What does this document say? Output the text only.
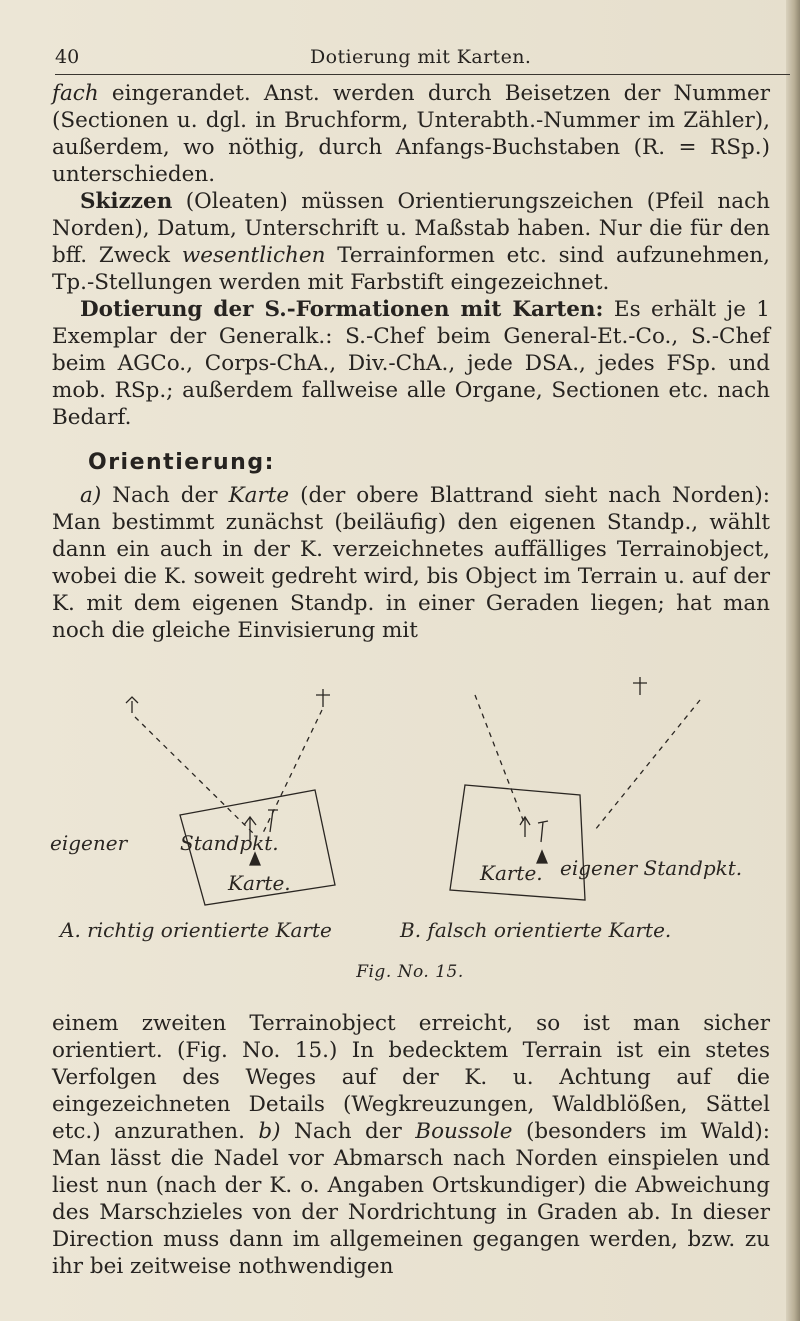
40	Dotierung mit Karten.

fach eingerandet. Anst. werden durch Beisetzen der Nummer (Sectionen u. dgl. in Bruchform, Unterabth.-Nummer im Zähler), außerdem, wo nöthig, durch Anfangs-Buchstaben (R. = RSp.) unterschieden.

Skizzen (Oleaten) müssen Orientierungszeichen (Pfeil nach Norden), Datum, Unterschrift u. Maßstab haben. Nur die für den bff. Zweck wesentlichen Terrainformen etc. sind aufzunehmen, Tp.-Stellungen werden mit Farbstift eingezeichnet.

Dotierung der S.-Formationen mit Karten: Es erhält je 1 Exemplar der Generalk.: S.-Chef beim General-Et.-Co., S.-Chef beim AGCo., Corps-ChA., Div.-ChA., jede DSA., jedes FSp. und mob. RSp.; außerdem fallweise alle Organe, Sectionen etc. nach Bedarf.

Orientierung:

a) Nach der Karte (der obere Blattrand sieht nach Norden): Man bestimmt zunächst (beiläufig) den eigenen Standp., wählt dann ein auch in der K. verzeichnetes auffälliges Terrainobject, wobei die K. soweit gedreht wird, bis Object im Terrain u. auf der K. mit dem eigenen Standp. in einer Geraden liegen; hat man noch die gleiche Einvisierung mit

eigener	Standpkt.
Karte.
A. richtig orientierte Karte
eigener Standpkt.
Karte.
B. falsch orientierte Karte.
Fig. No. 15.

einem zweiten Terrainobject erreicht, so ist man sicher orientiert. (Fig. No. 15.) In bedecktem Terrain ist ein stetes Verfolgen des Weges auf der K. u. Achtung auf die eingezeichneten Details (Wegkreuzungen, Waldblößen, Sättel etc.) anzurathen. b) Nach der Boussole (besonders im Wald): Man lässt die Nadel vor Abmarsch nach Norden einspielen und liest nun (nach der K. o. Angaben Ortskundiger) die Abweichung des Marschzieles von der Nordrichtung in Graden ab. In dieser Direction muss dann im allgemeinen gegangen werden, bzw. zu ihr bei zeitweise nothwendigen
